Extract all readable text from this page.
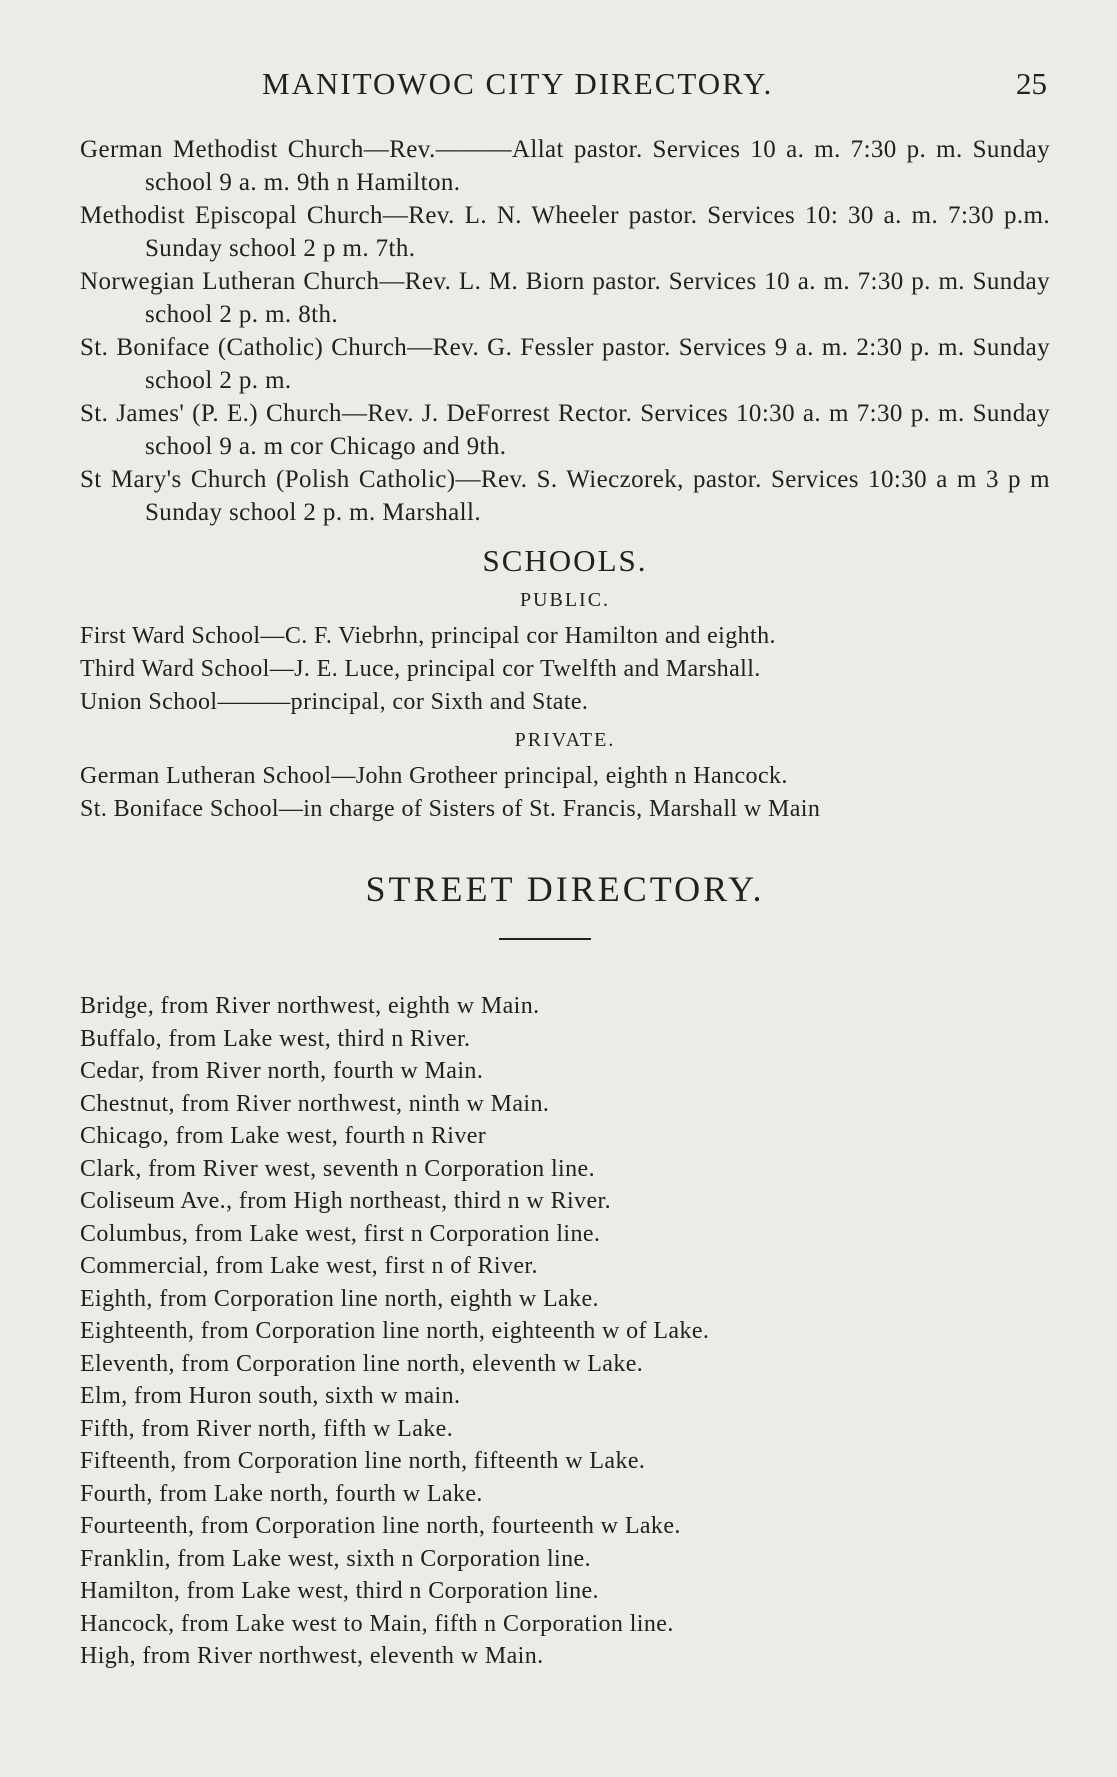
MANITOWOC CITY DIRECTORY.	25

German Methodist Church—Rev.———Allat pastor. Services 10 a. m. 7:30 p. m. Sunday school 9 a. m. 9th n Hamilton.

Methodist Episcopal Church—Rev. L. N. Wheeler pastor. Services 10: 30 a. m. 7:30 p.m. Sunday school 2 p m. 7th.

Norwegian Lutheran Church—Rev. L. M. Biorn pastor. Services 10 a. m. 7:30 p. m. Sunday school 2 p. m. 8th.

St. Boniface (Catholic) Church—Rev. G. Fessler pastor. Services 9 a. m. 2:30 p. m. Sunday school 2 p. m.

St. James' (P. E.) Church—Rev. J. DeForrest Rector. Services 10:30 a. m 7:30 p. m. Sunday school 9 a. m cor Chicago and 9th.

St Mary's Church (Polish Catholic)—Rev. S. Wieczorek, pastor. Services 10:30 a m 3 p m Sunday school 2 p. m. Marshall.

SCHOOLS.
PUBLIC.
First Ward School—C. F. Viebrhn, principal cor Hamilton and eighth.
Third Ward School—J. E. Luce, principal cor Twelfth and Marshall.
Union School———principal, cor Sixth and State.
PRIVATE.
German Lutheran School—John Grotheer principal, eighth n Hancock.
St. Boniface School—in charge of Sisters of St. Francis, Marshall w Main
STREET DIRECTORY.
Bridge, from River northwest, eighth w Main.
Buffalo, from Lake west, third n River.
Cedar, from River north, fourth w Main.
Chestnut, from River northwest, ninth w Main.
Chicago, from Lake west, fourth n River
Clark, from River west, seventh n Corporation line.
Coliseum Ave., from High northeast, third n w River.
Columbus, from Lake west, first n Corporation line.
Commercial, from Lake west, first n of River.
Eighth, from Corporation line north, eighth w Lake.
Eighteenth, from Corporation line north, eighteenth w of Lake.
Eleventh, from Corporation line north, eleventh w Lake.
Elm, from Huron south, sixth w main.
Fifth, from River north, fifth w Lake.
Fifteenth, from Corporation line north, fifteenth w Lake.
Fourth, from Lake north, fourth w Lake.
Fourteenth, from Corporation line north, fourteenth w Lake.
Franklin, from Lake west, sixth n Corporation line.
Hamilton, from Lake west, third n Corporation line.
Hancock, from Lake west to Main, fifth n Corporation line.
High, from River northwest, eleventh w Main.
